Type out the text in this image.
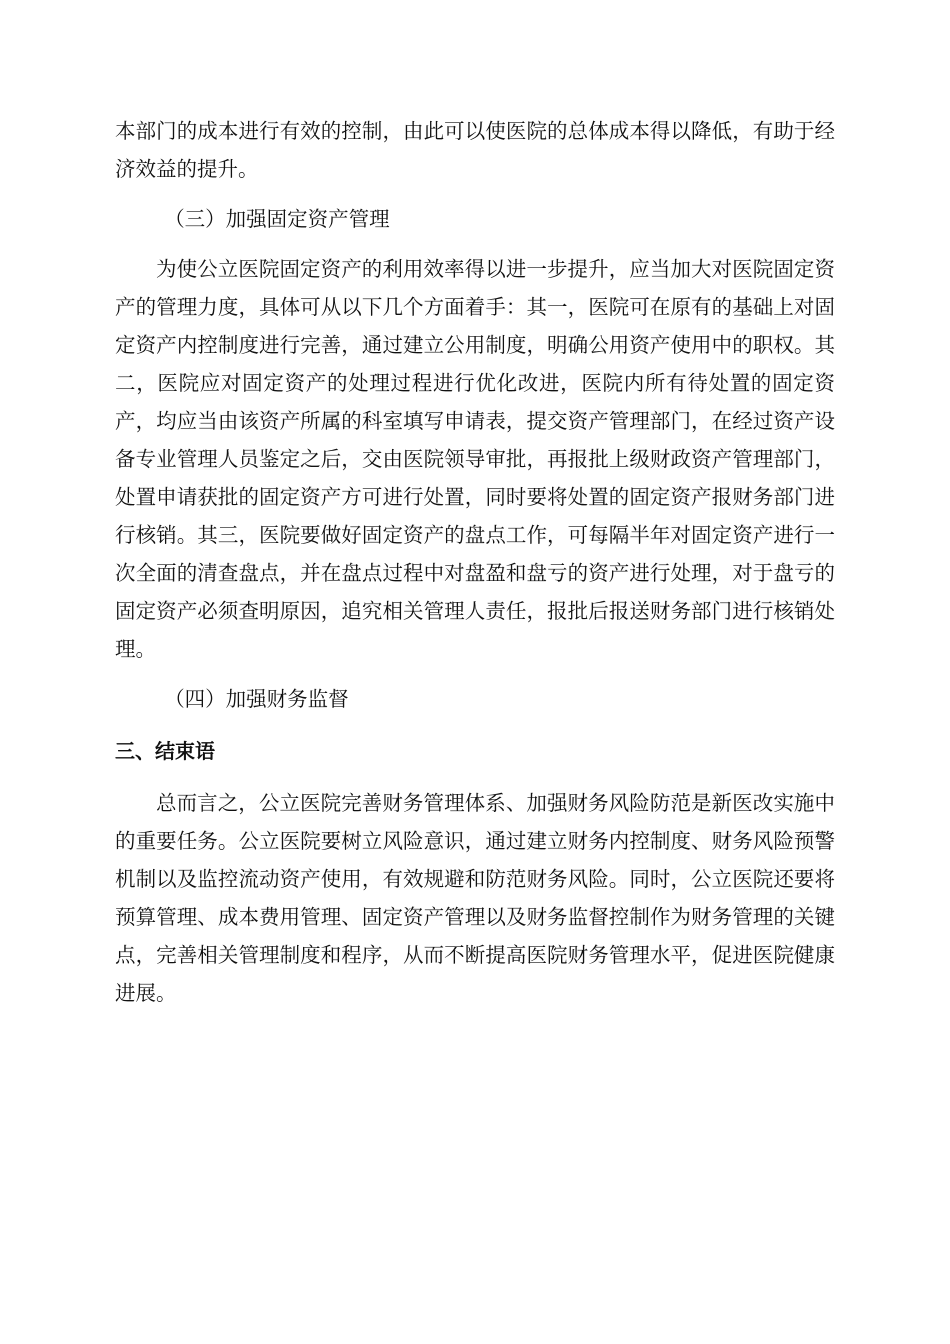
本部门的成本进行有效的控制，由此可以使医院的总体成本得以降低，有助于经济效益的提升。

（三）加强固定资产管理

为使公立医院固定资产的利用效率得以进一步提升，应当加大对医院固定资产的管理力度，具体可从以下几个方面着手：其一，医院可在原有的基础上对固定资产内控制度进行完善，通过建立公用制度，明确公用资产使用中的职权。其二，医院应对固定资产的处理过程进行优化改进，医院内所有待处置的固定资产，均应当由该资产所属的科室填写申请表，提交资产管理部门，在经过资产设备专业管理人员鉴定之后，交由医院领导审批，再报批上级财政资产管理部门，处置申请获批的固定资产方可进行处置，同时要将处置的固定资产报财务部门进行核销。其三，医院要做好固定资产的盘点工作，可每隔半年对固定资产进行一次全面的清查盘点，并在盘点过程中对盘盈和盘亏的资产进行处理，对于盘亏的固定资产必须查明原因，追究相关管理人责任，报批后报送财务部门进行核销处理。

（四）加强财务监督

三、结束语

总而言之，公立医院完善财务管理体系、加强财务风险防范是新医改实施中的重要任务。公立医院要树立风险意识，通过建立财务内控制度、财务风险预警机制以及监控流动资产使用，有效规避和防范财务风险。同时，公立医院还要将预算管理、成本费用管理、固定资产管理以及财务监督控制作为财务管理的关键点，完善相关管理制度和程序，从而不断提高医院财务管理水平，促进医院健康进展。
